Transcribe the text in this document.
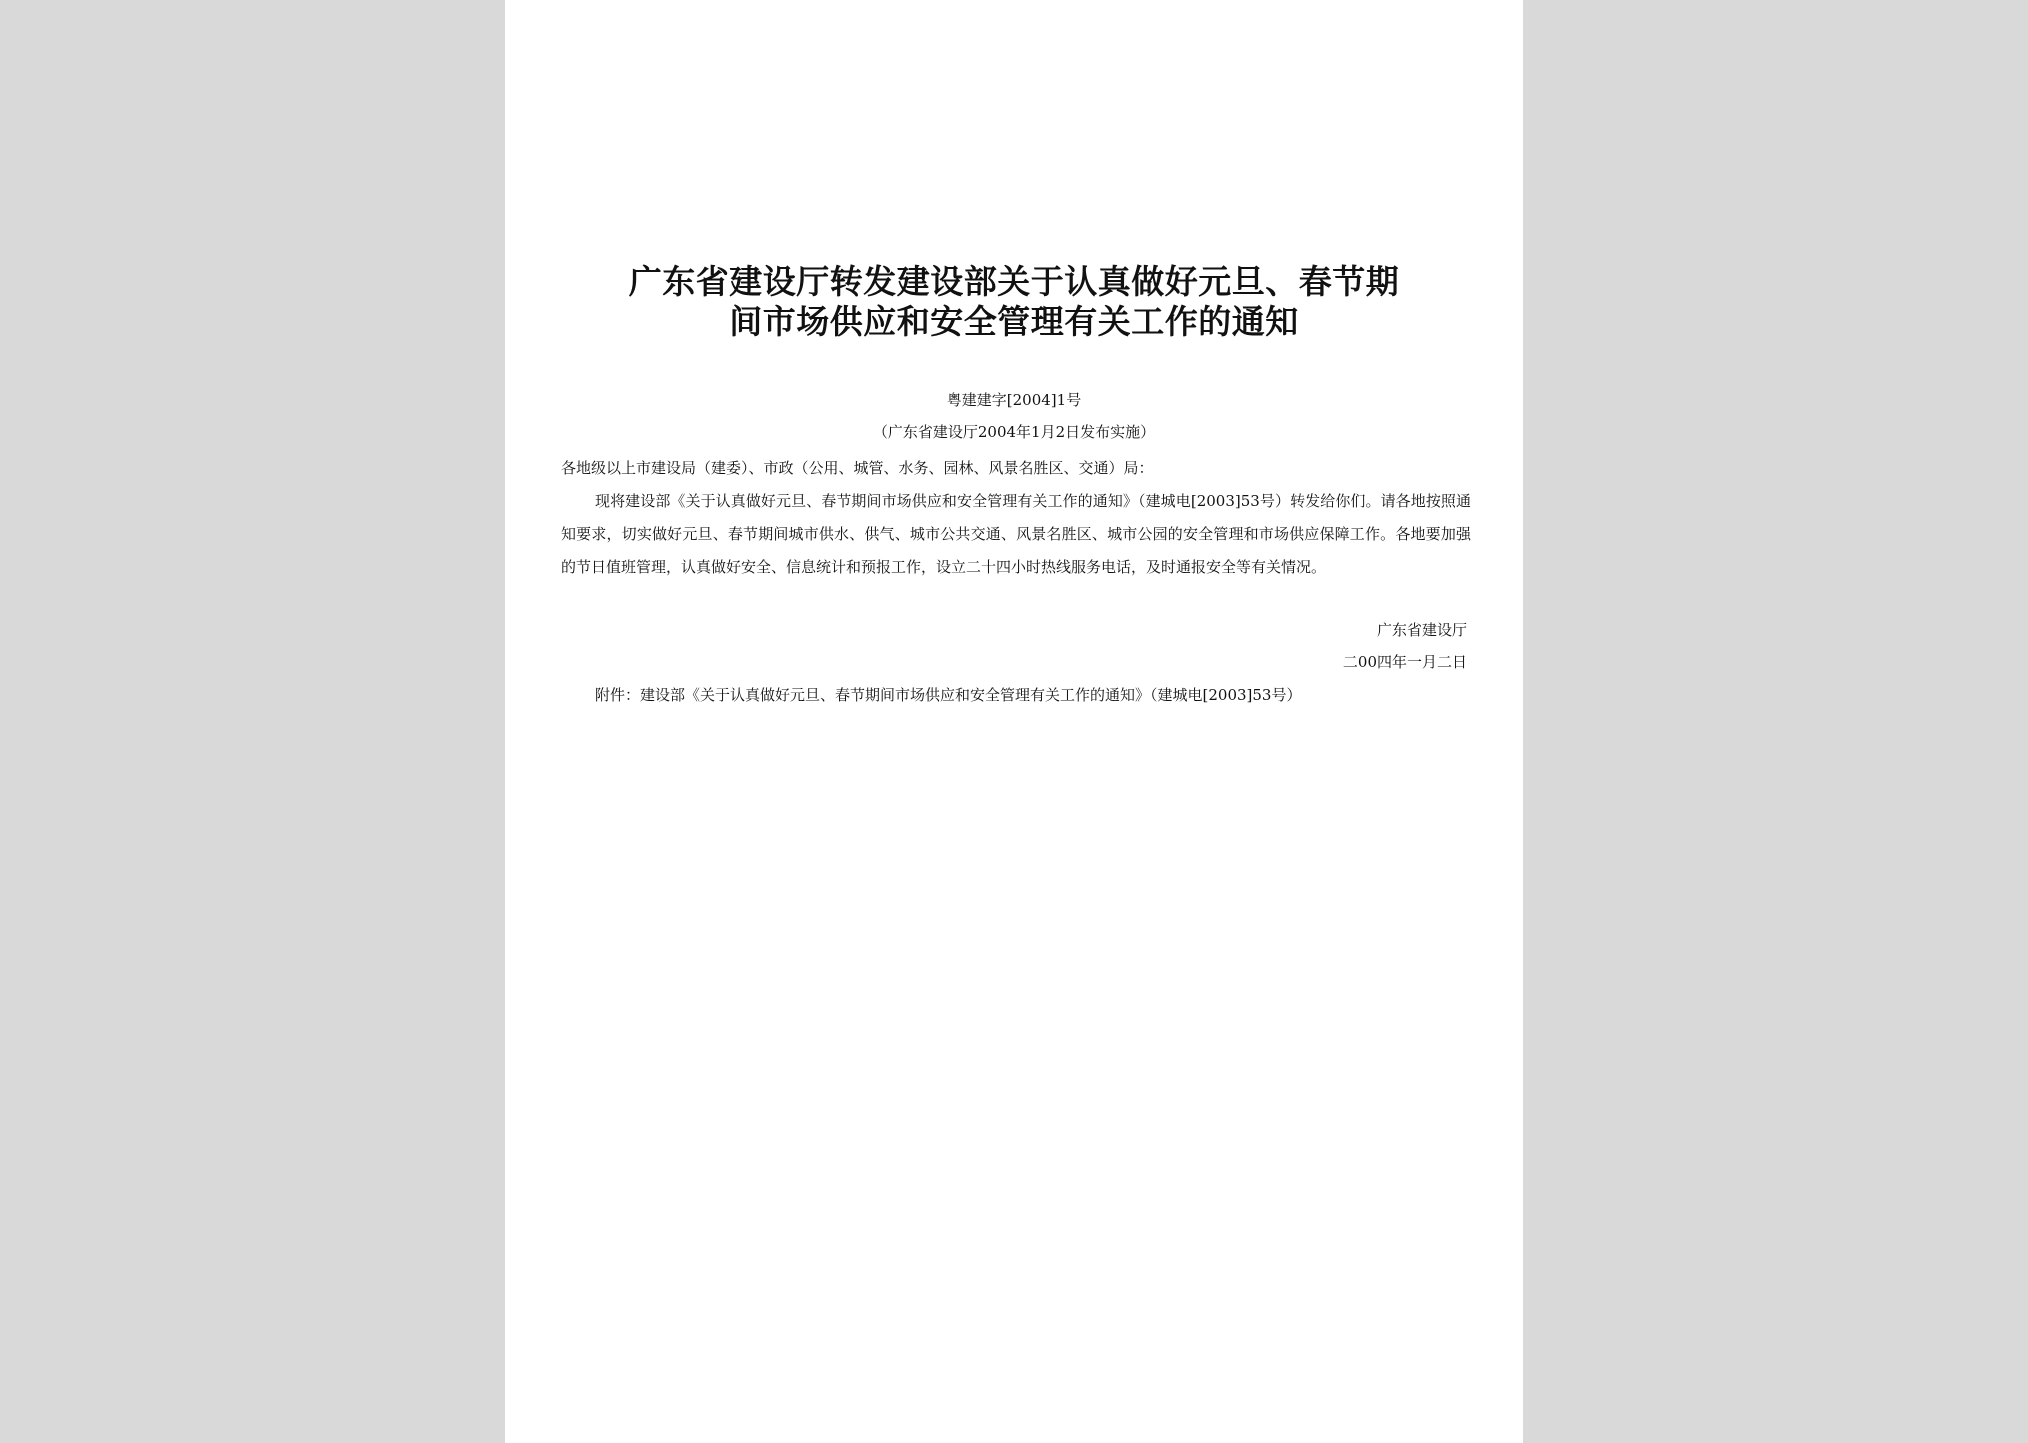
广东省建设厅转发建设部关于认真做好元旦、春节期
间市场供应和安全管理有关工作的通知
粤建建字[2004]1号
（广东省建设厅2004年1月2日发布实施）
各地级以上市建设局（建委）、市政（公用、城管、水务、园林、风景名胜区、交通）局：
现将建设部《关于认真做好元旦、春节期间市场供应和安全管理有关工作的通知》（建城电[2003]53号）转发给你们。请各地按照通知要求，切实做好元旦、春节期间城市供水、供气、城市公共交通、风景名胜区、城市公园的安全管理和市场供应保障工作。各地要加强的节日值班管理，认真做好安全、信息统计和预报工作，设立二十四小时热线服务电话，及时通报安全等有关情况。
广东省建设厅
二00四年一月二日
附件：建设部《关于认真做好元旦、春节期间市场供应和安全管理有关工作的通知》（建城电[2003]53号）
